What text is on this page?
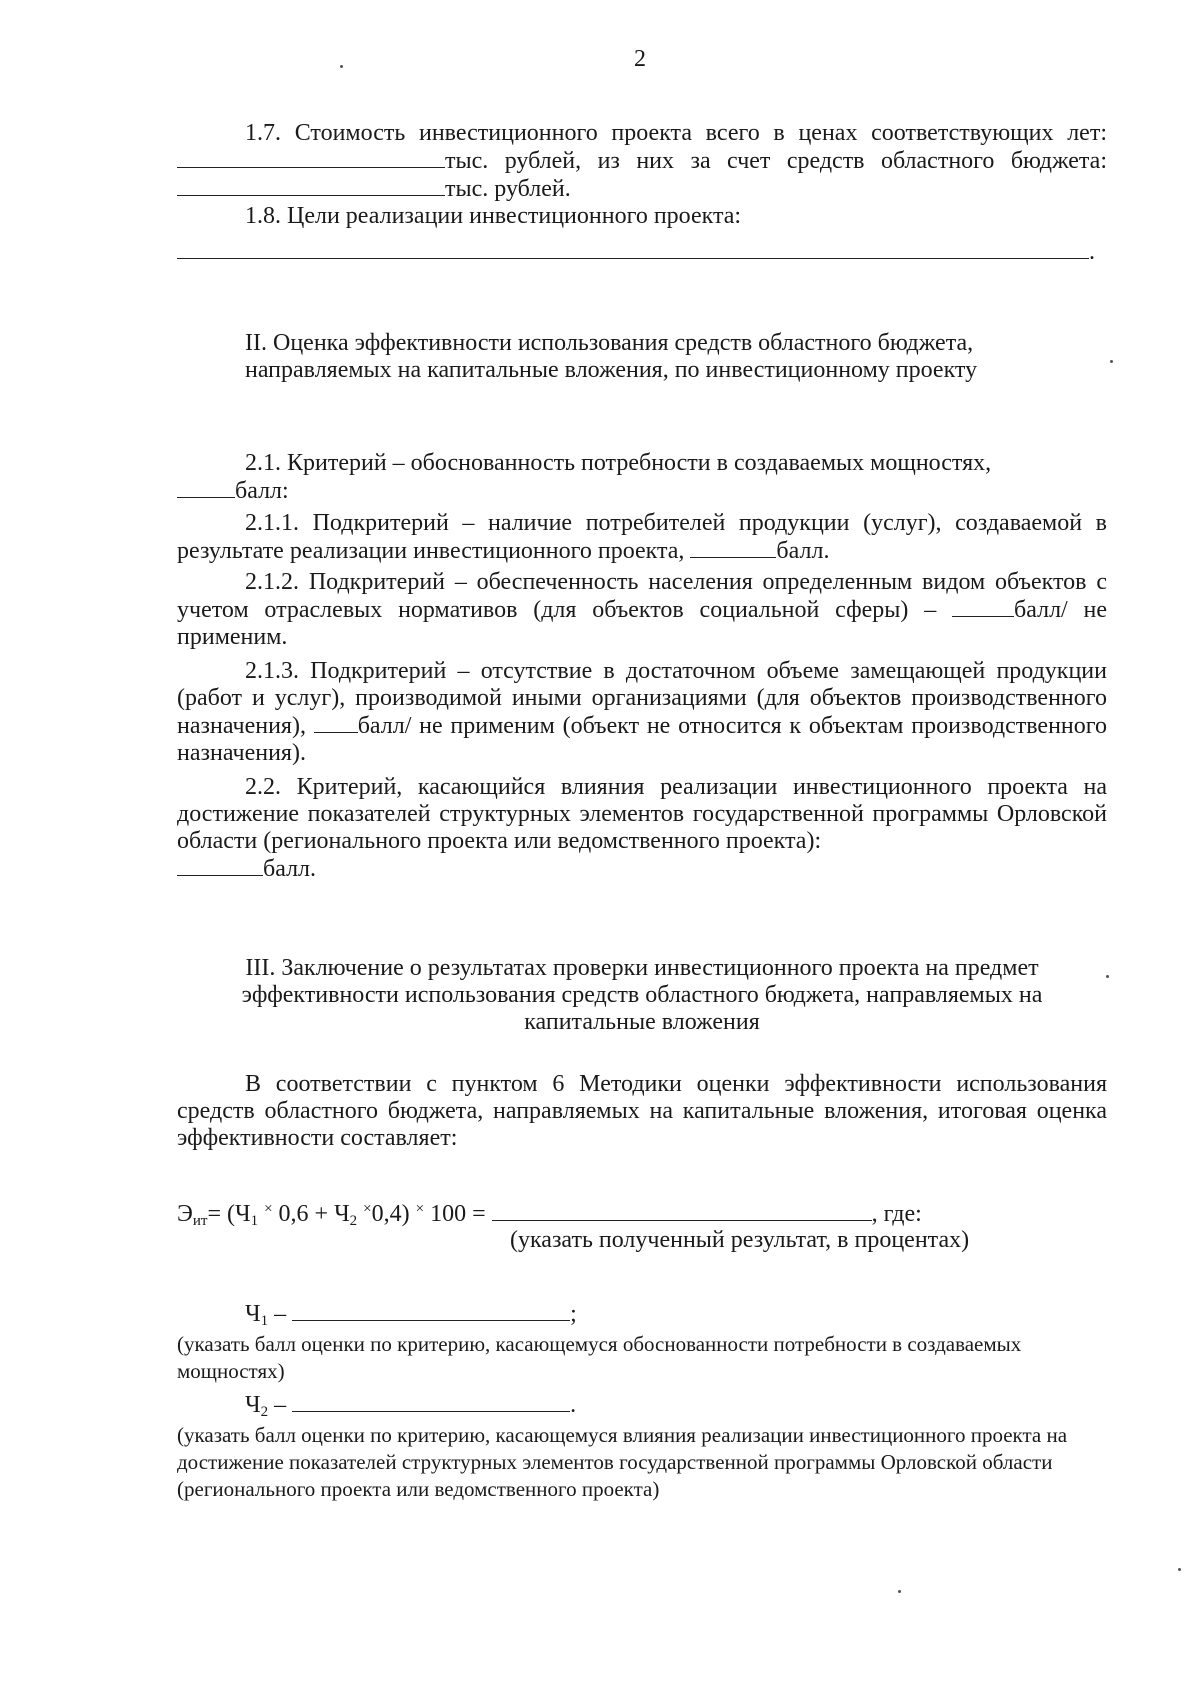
2

1.7. Стоимость инвестиционного проекта всего в ценах соответствующих лет: тыс. рублей, из них за счет средств областного бюджета: тыс. рублей.

1.8. Цели реализации инвестиционного проекта:

.
II. Оценка эффективности использования средств областного бюджета,
направляемых на капитальные вложения, по инвестиционному проекту

2.1. Критерий – обоснованность потребности в создаваемых мощностях,

балл:

2.1.1. Подкритерий – наличие потребителей продукции (услуг), создаваемой в результате реализации инвестиционного проекта,	балл.

2.1.2. Подкритерий – обеспеченность населения определенным видом объектов с учетом отраслевых нормативов (для объектов социальной сферы) –	балл/ не применим.

2.1.3. Подкритерий – отсутствие в достаточном объеме замещающей продукции (работ и услуг), производимой иными организациями (для объектов производственного назначения), балл/ не применим (объект не относится к объектам производственного назначения).

2.2. Критерий, касающийся влияния реализации инвестиционного проекта на достижение показателей структурных элементов государственной программы Орловской области (регионального проекта или ведомственного проекта):

балл.
III. Заключение о результатах проверки инвестиционного проекта на предмет
эффективности использования средств областного бюджета, направляемых на
капитальные вложения

В соответствии с пунктом 6 Методики оценки эффективности использования средств областного бюджета, направляемых на капитальные вложения, итоговая оценка эффективности составляет:

$Э_{ит}= (Ч_1$ × $0,6 + Ч_2$ ×0,4) × 100 =	, где:
(указать полученный результат, в процентах)
$Ч_1$ –	;
(указать балл оценки по критерию, касающемуся обоснованности потребности в создаваемых мощностях)
$Ч_2$ –	.
(указать балл оценки по критерию, касающемуся влияния реализации инвестиционного проекта на достижение показателей структурных элементов государственной программы Орловской области (регионального проекта или ведомственного проекта)
